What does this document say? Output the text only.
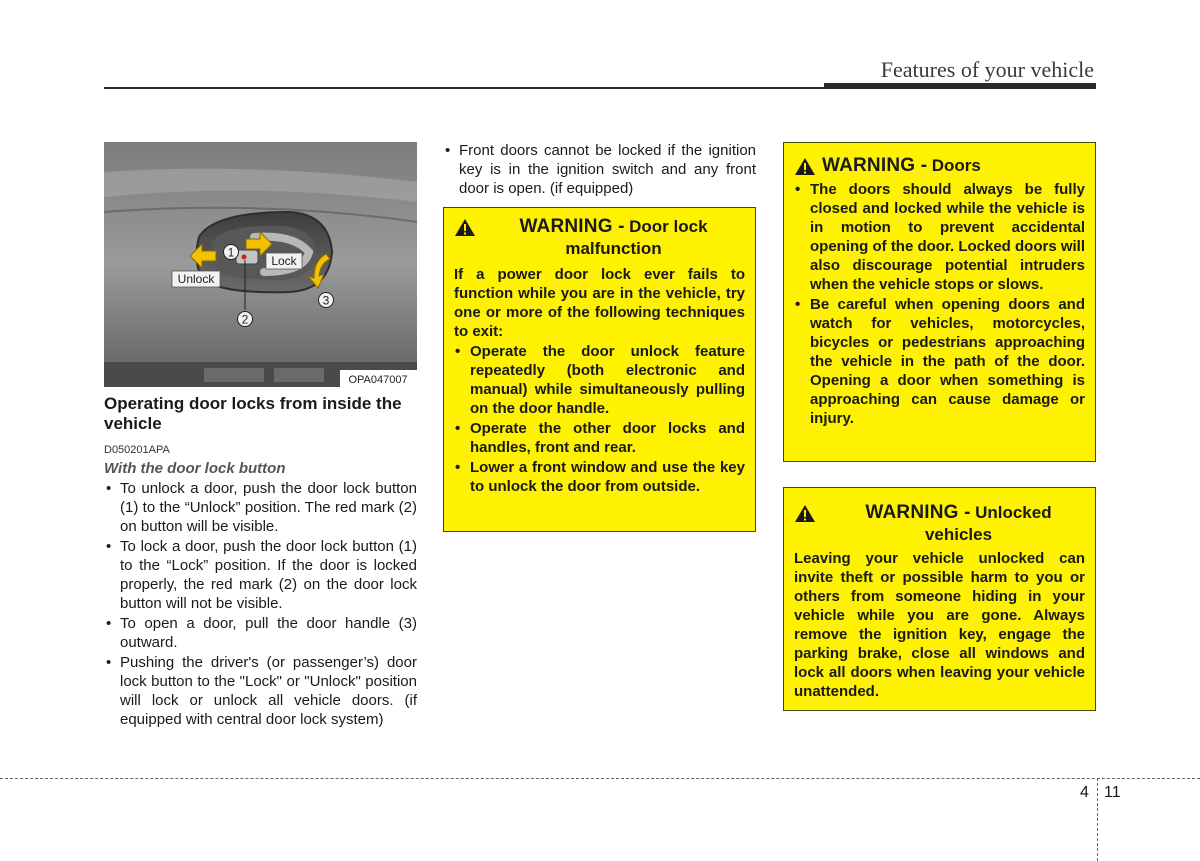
Features of your vehicle
Unlock
Lock
1
2
3
OPA047007
Operating door locks from inside the vehicle
D050201APA
With the door lock button
• To unlock a door, push the door lock button (1) to the “Unlock” position. The red mark (2) on button will be visible.
• To lock a door, push the door lock button (1) to the “Lock” position. If the door is locked properly, the red mark (2) on the door lock button will not be visible.
• To open a door, pull the door handle (3) outward.
• Pushing the driver's (or passenger’s) door lock button to the "Lock" or "Unlock" position will lock or unlock all vehicle doors. (if equipped with central door lock system)
• Front doors cannot be locked if the ignition key is in the ignition switch and any front door is open. (if equipped)
WARNING - Door lock malfunction
If a power door lock ever fails to function while you are in the vehicle, try one or more of the following techniques to exit:
• Operate the door unlock feature repeatedly (both electronic and manual) while simultaneously pulling on the door handle.
• Operate the other door locks and handles, front and rear.
• Lower a front window and use the key to unlock the door from outside.
WARNING - Doors
• The doors should always be fully closed and locked while the vehicle is in motion to prevent accidental opening of the door. Locked doors will also discourage potential intruders when the vehicle stops or slows.
• Be careful when opening doors and watch for vehicles, motorcycles, bicycles or pedestrians approaching the vehicle in the path of the door. Opening a door when something is approaching can cause damage or injury.
WARNING - Unlocked vehicles
Leaving your vehicle unlocked can invite theft or possible harm to you or others from someone hiding in your vehicle while you are gone. Always remove the ignition key, engage the parking brake, close all windows and lock all doors when leaving your vehicle unattended.
4 11
